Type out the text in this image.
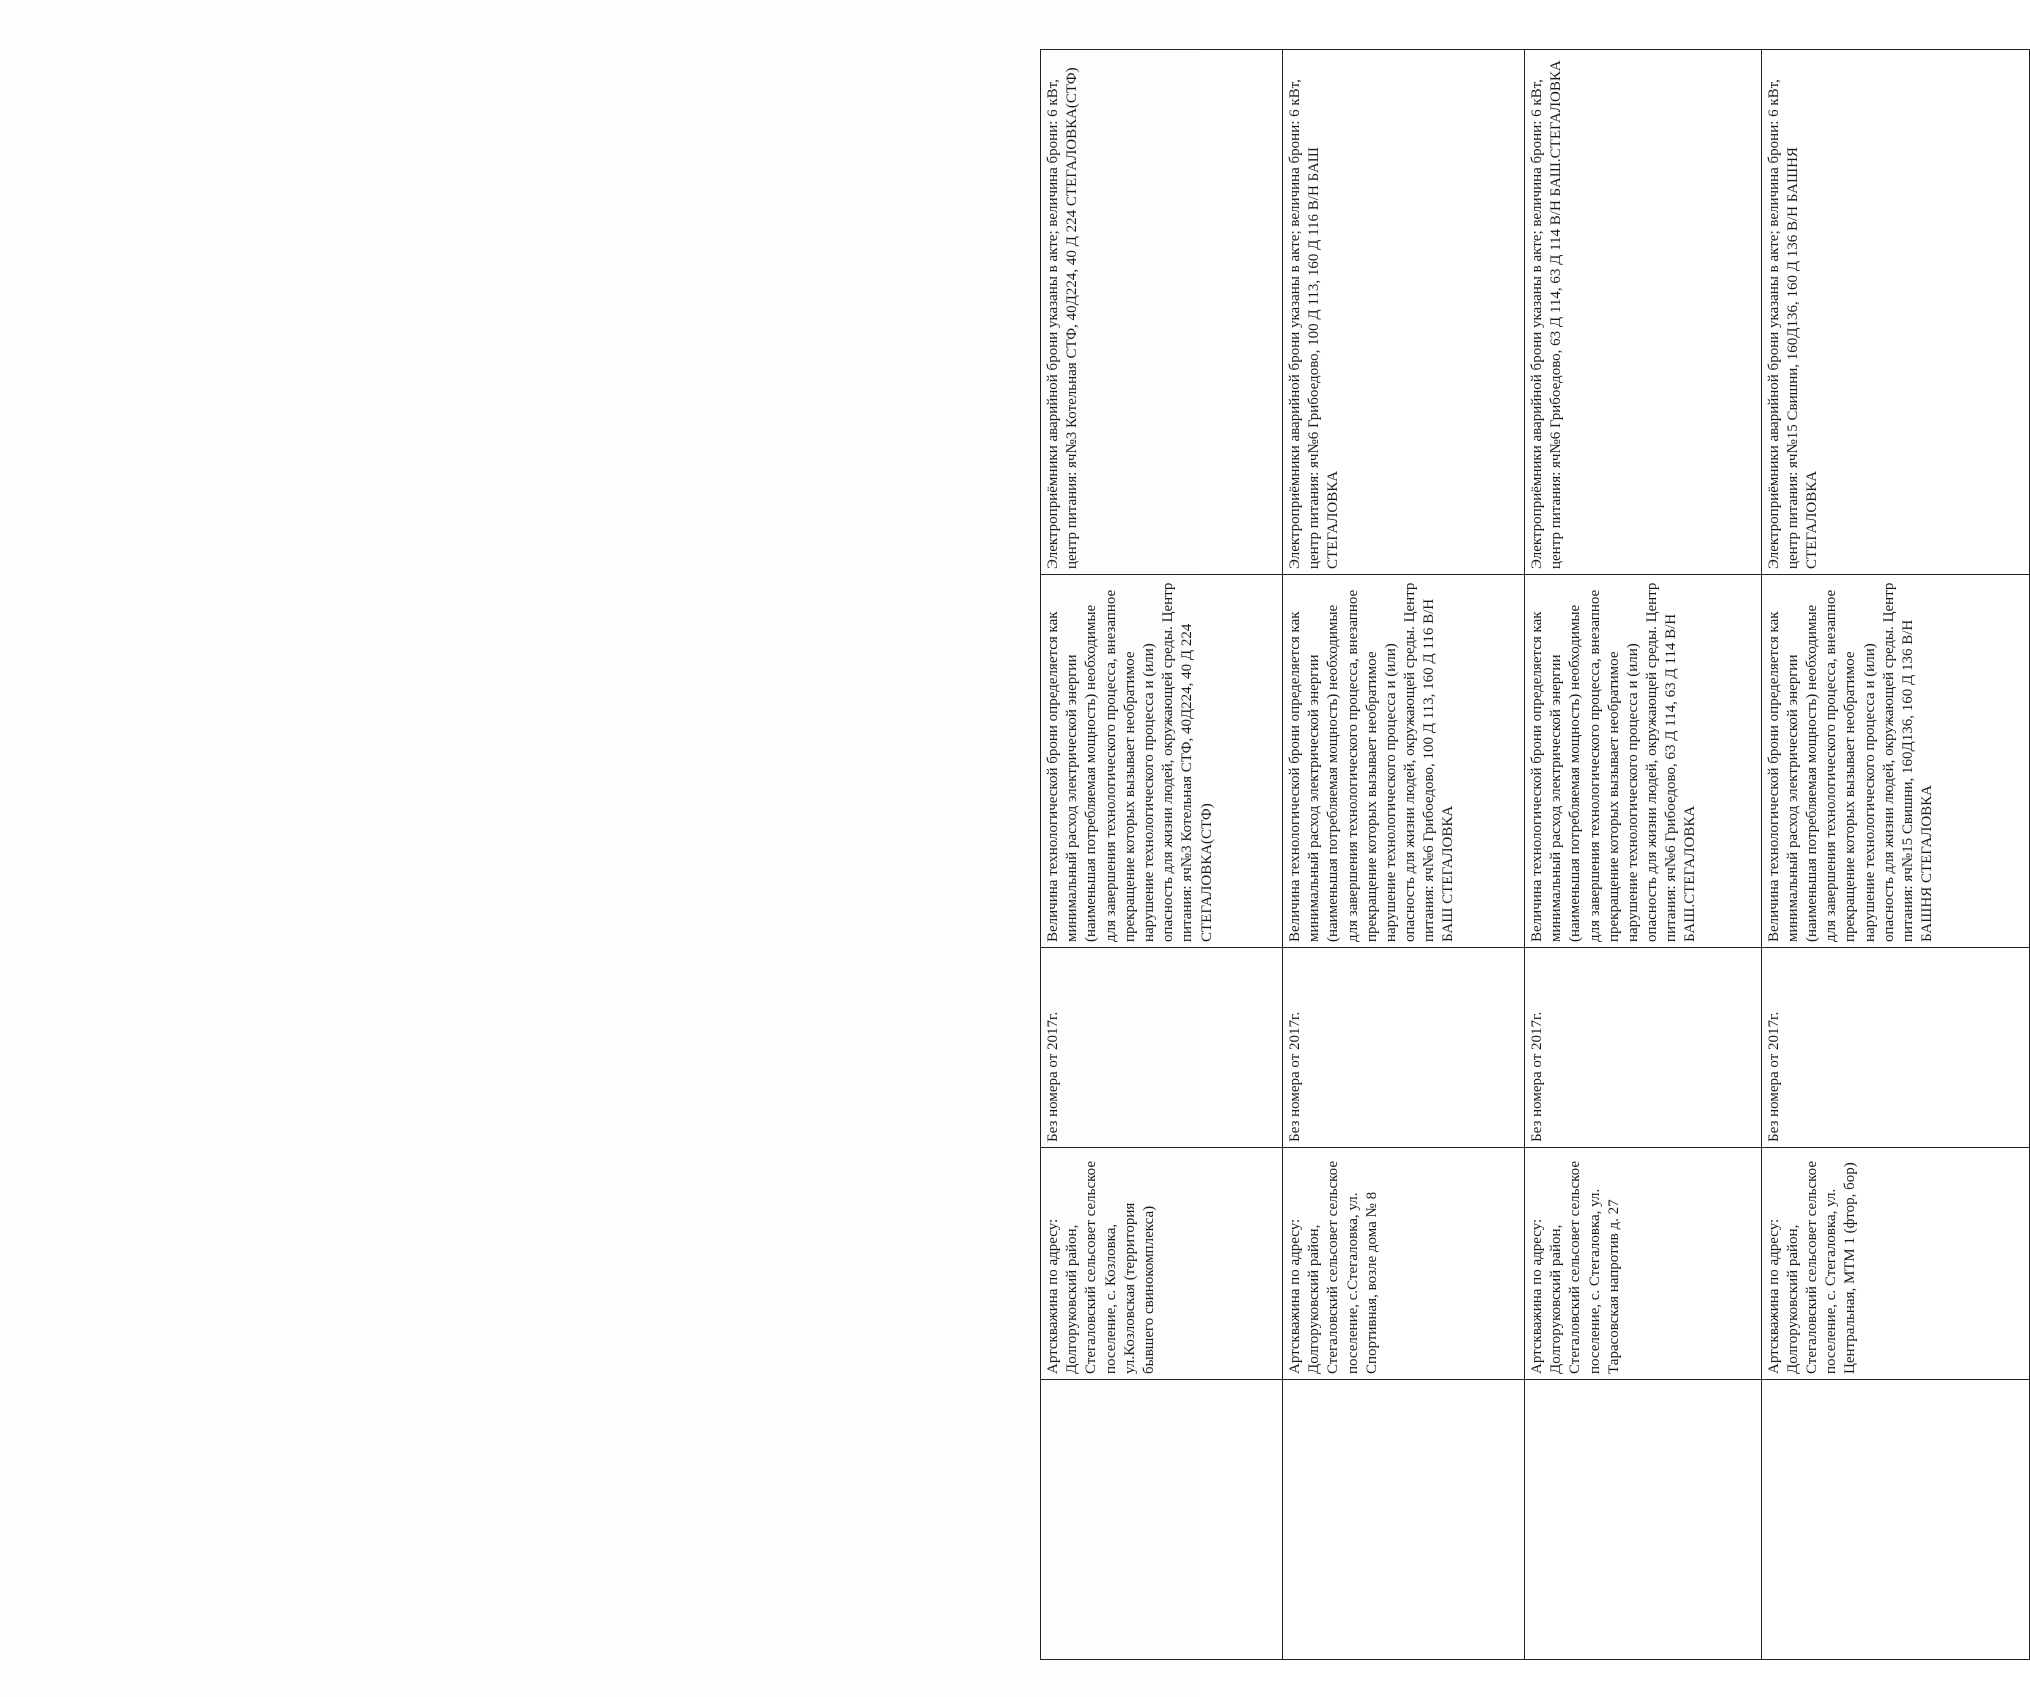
	Артскважина по адресу: Долгоруковский район, Стегаловский сельсовет сельское поселение, с. Козловка, ул.Козловская (территория бывшего свинокомплекса)	Без номера от 2017г.	Величина технологической брони определяется как минимальный расход электрической энергии (наименьшая потребляемая мощность) необходимые для завершения технологического процесса, внезапное прекращение которых вызывает необратимое нарушение технологического процесса и (или) опасность для жизни людей, окружающей среды. Центр питания: яч№3 Котельная СТФ, 40Д224, 40 Д 224 СТЕГАЛОВКА(СТФ)	Электроприёмники аварийной брони указаны в акте; величина брони: 6 кВт, центр питания: яч№3 Котельная СТФ, 40Д224, 40 Д 224 СТЕГАЛОВКА(СТФ)
	Артскважина по адресу: Долгоруковский район, Стегаловский сельсовет сельское поселение, с.Стегаловка, ул. Спортивная, возле дома № 8	Без номера от 2017г.	Величина технологической брони определяется как минимальный расход электрической энергии (наименьшая потребляемая мощность) необходимые для завершения технологического процесса, внезапное прекращение которых вызывает необратимое нарушение технологического процесса и (или) опасность для жизни людей, окружающей среды. Центр питания: яч№6 Грибоедово, 100 Д 113, 160 Д 116 В/Н БАШ СТЕГАЛОВКА	Электроприёмники аварийной брони указаны в акте; величина брони: 6 кВт, центр питания: яч№6 Грибоедово, 100 Д 113, 160 Д 116 В/Н БАШ СТЕГАЛОВКА
	Артскважина по адресу: Долгоруковский район, Стегаловский сельсовет сельское поселение, с. Стегаловка, ул. Тарасовская напротив д. 27	Без номера от 2017г.	Величина технологической брони определяется как минимальный расход электрической энергии (наименьшая потребляемая мощность) необходимые для завершения технологического процесса, внезапное прекращение которых вызывает необратимое нарушение технологического процесса и (или) опасность для жизни людей, окружающей среды. Центр питания: яч№6 Грибоедово, 63 Д 114, 63 Д 114 В/Н БАШ.СТЕГАЛОВКА	Электроприёмники аварийной брони указаны в акте; величина брони: 6 кВт, центр питания: яч№6 Грибоедово, 63 Д 114, 63 Д 114 В/Н БАШ.СТЕГАЛОВКА
	Артскважина по адресу: Долгоруковский район, Стегаловский сельсовет сельское поселение, с. Стегаловка, ул. Центральная, МТМ 1 (фтор, бор)	Без номера от 2017г.	Величина технологической брони определяется как минимальный расход электрической энергии (наименьшая потребляемая мощность) необходимые для завершения технологического процесса, внезапное прекращение которых вызывает необратимое нарушение технологического процесса и (или) опасность для жизни людей, окружающей среды. Центр питания: яч№15 Свишни, 160Д136, 160 Д 136 В/Н БАШНЯ СТЕГАЛОВКА	Электроприёмники аварийной брони указаны в акте; величина брони: 6 кВт, центр питания: яч№15 Свишни, 160Д136, 160 Д 136 В/Н БАШНЯ СТЕГАЛОВКА
